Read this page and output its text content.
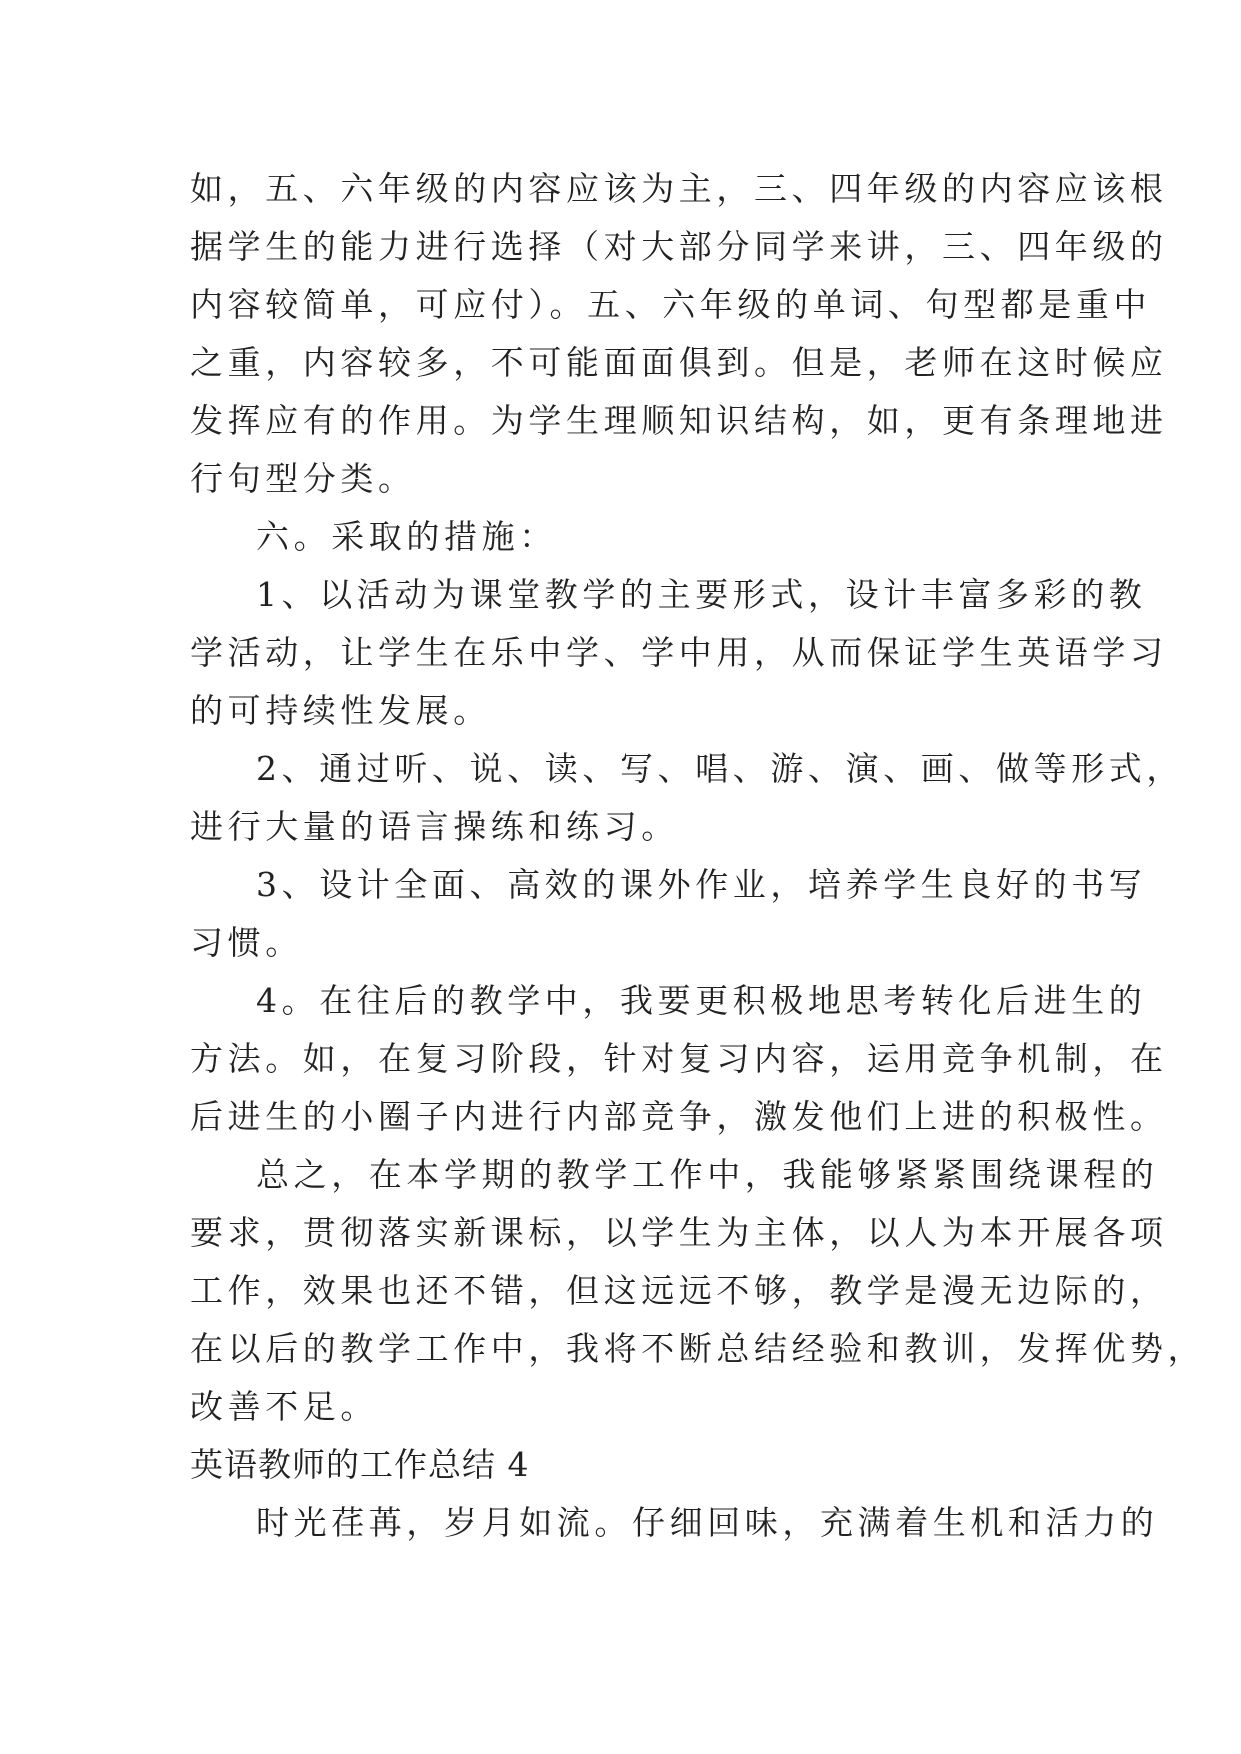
如，五、六年级的内容应该为主，三、四年级的内容应该根
据学生的能力进行选择（对大部分同学来讲，三、四年级的
内容较简单，可应付）。五、六年级的单词、句型都是重中
之重，内容较多，不可能面面俱到。但是，老师在这时候应
发挥应有的作用。为学生理顺知识结构，如，更有条理地进
行句型分类。
六。采取的措施：
1、以活动为课堂教学的主要形式，设计丰富多彩的教
学活动，让学生在乐中学、学中用，从而保证学生英语学习
的可持续性发展。
2、通过听、说、读、写、唱、游、演、画、做等形式，
进行大量的语言操练和练习。
3、设计全面、高效的课外作业，培养学生良好的书写
习惯。
4。在往后的教学中，我要更积极地思考转化后进生的
方法。如，在复习阶段，针对复习内容，运用竞争机制，在
后进生的小圈子内进行内部竞争，激发他们上进的积极性。
总之，在本学期的教学工作中，我能够紧紧围绕课程的
要求，贯彻落实新课标，以学生为主体，以人为本开展各项
工作，效果也还不错，但这远远不够，教学是漫无边际的，
在以后的教学工作中，我将不断总结经验和教训，发挥优势，
改善不足。
英语教师的工作总结 4
时光荏苒，岁月如流。仔细回味，充满着生机和活力的
